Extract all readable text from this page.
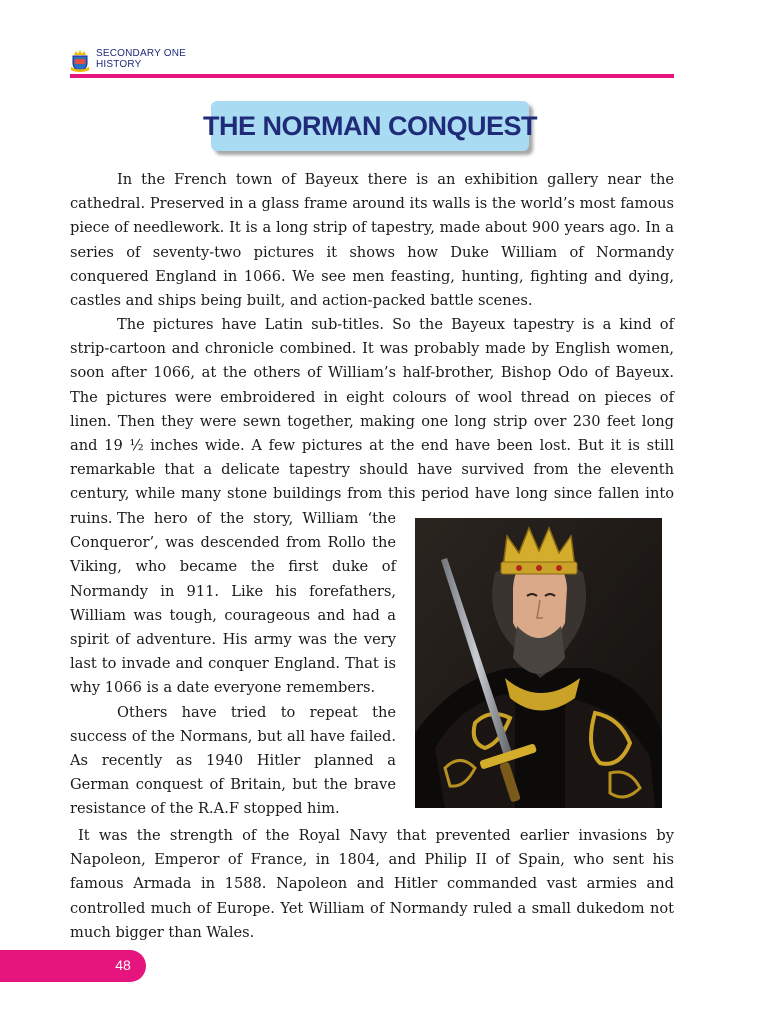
SECONDARY ONE
HISTORY
THE NORMAN CONQUEST

In the French town of Bayeux there is an exhibition gallery near the cathedral. Preserved in a glass frame around its walls is the world’s most famous piece of needlework. It is a long strip of tapestry, made about 900 years ago. In a series of seventy-two pictures it shows how Duke William of Normandy conquered England in 1066. We see men feasting, hunting, fighting and dying, castles and ships being built, and action-packed battle scenes.

The pictures have Latin sub-titles. So the Bayeux tapestry is a kind of strip-cartoon and chronicle combined. It was probably made by English women, soon after 1066, at the others of William’s half-brother, Bishop Odo of Bayeux. The pictures were embroidered in eight colours of wool thread on pieces of linen. Then they were sewn together, making one long strip over 230 feet long and 19 ½ inches wide. A few pictures at the end have been lost. But it is still remarkable that a delicate tapestry should have survived from the eleventh century, while many stone buildings from this period have long since fallen into ruins. The hero of the story, William ‘the Conqueror’, was descended from Rollo the Viking, who became the first duke of Normandy in 911. Like his forefathers, William was tough, courageous and had a spirit of adventure. His army was the very last to invade and conquer England. That is why 1066 is a date everyone remembers.

Others have tried to repeat the success of the Normans, but all have failed. As recently as 1940 Hitler planned a German conquest of Britain, but the brave resistance of the R.A.F stopped him.

It was the strength of the Royal Navy that prevented earlier invasions by Napoleon, Emperor of France, in 1804, and Philip II of Spain, who sent his famous Armada in 1588. Napoleon and Hitler commanded vast armies and controlled much of Europe. Yet William of Normandy ruled a small dukedom not much bigger than Wales.

48
